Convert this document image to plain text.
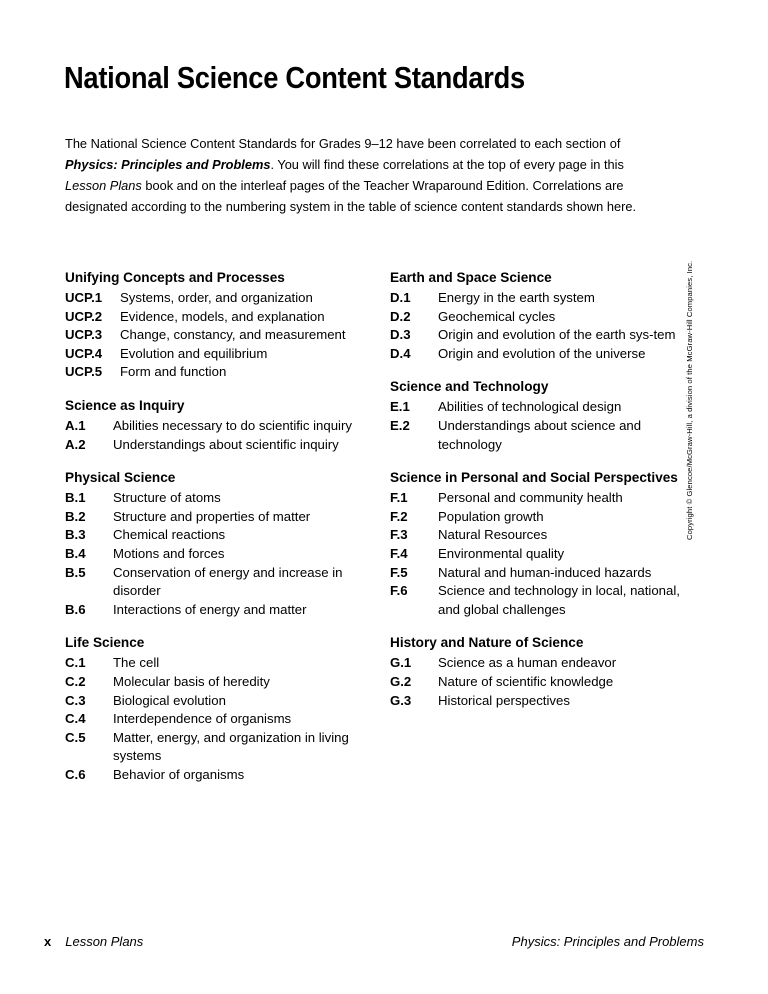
National Science Content Standards

The National Science Content Standards for Grades 9–12 have been correlated to each section of Physics: Principles and Problems. You will find these correlations at the top of every page in this Lesson Plans book and on the interleaf pages of the Teacher Wraparound Edition. Correlations are designated according to the numbering system in the table of science content standards shown here.

Unifying Concepts and Processes
UCP.1	Systems, order, and organization
UCP.2	Evidence, models, and explanation
UCP.3	Change, constancy, and measurement
UCP.4	Evolution and equilibrium
UCP.5	Form and function
Science as Inquiry
A.1	Abilities necessary to do scientific inquiry
A.2	Understandings about scientific inquiry
Physical Science
B.1	Structure of atoms
B.2	Structure and properties of matter
B.3	Chemical reactions
B.4	Motions and forces
B.5	Conservation of energy and increase in disorder
B.6	Interactions of energy and matter
Life Science
C.1	The cell
C.2	Molecular basis of heredity
C.3	Biological evolution
C.4	Interdependence of organisms
C.5	Matter, energy, and organization in living systems
C.6	Behavior of organisms
Earth and Space Science
D.1	Energy in the earth system
D.2	Geochemical cycles
D.3	Origin and evolution of the earth sys-tem
D.4	Origin and evolution of the universe
Science and Technology
E.1	Abilities of technological design
E.2	Understandings about science and technology
Science in Personal and Social Perspectives
F.1	Personal and community health
F.2	Population growth
F.3	Natural Resources
F.4	Environmental quality
F.5	Natural and human-induced hazards
F.6	Science and technology in local, national, and global challenges
History and Nature of Science
G.1	Science as a human endeavor
G.2	Nature of scientific knowledge
G.3	Historical perspectives
Copyright © Glencoe/McGraw-Hill, a division of the McGraw-Hill Companies, Inc.
x Lesson Plans	Physics: Principles and Problems
